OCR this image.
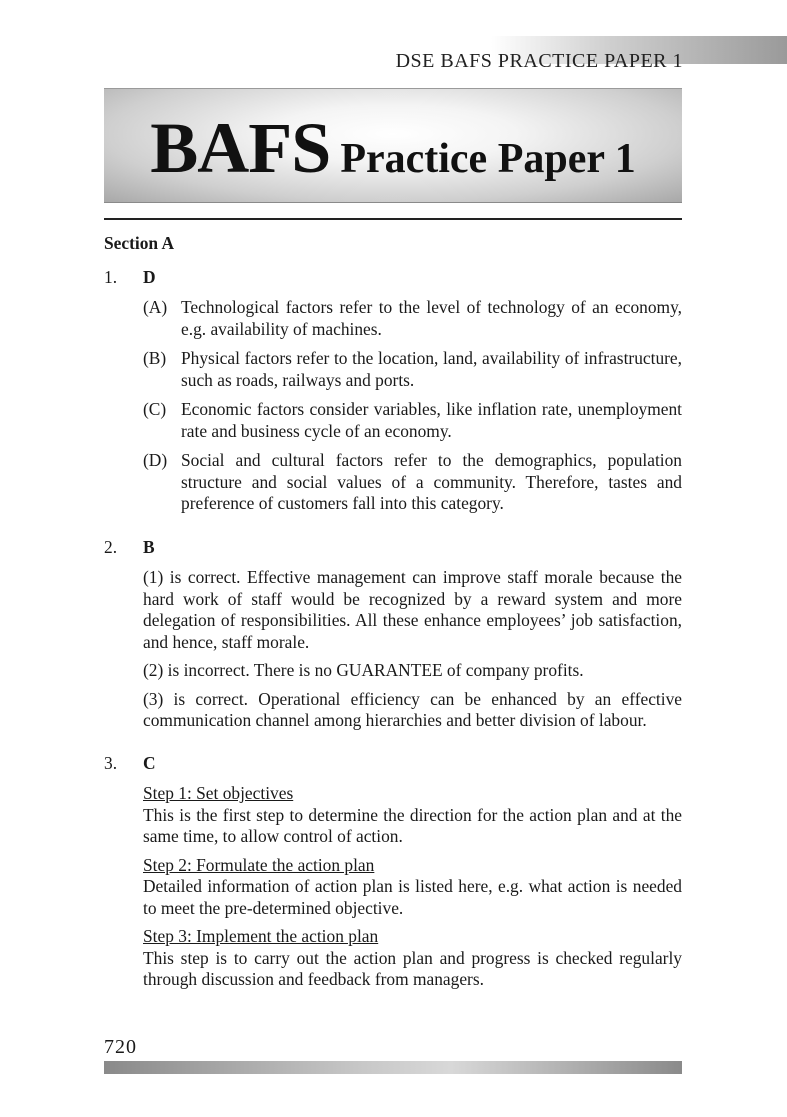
DSE BAFS PRACTICE PAPER 1
BAFS Practice Paper 1
Section A
1. D
(A) Technological factors refer to the level of technology of an economy, e.g. availability of machines.
(B) Physical factors refer to the location, land, availability of infrastructure, such as roads, railways and ports.
(C) Economic factors consider variables, like inflation rate, unemployment rate and business cycle of an economy.
(D) Social and cultural factors refer to the demographics, population structure and social values of a community. Therefore, tastes and preference of customers fall into this category.
2. B
(1) is correct. Effective management can improve staff morale because the hard work of staff would be recognized by a reward system and more delegation of responsibilities. All these enhance employees’ job satisfaction, and hence, staff morale.
(2) is incorrect. There is no GUARANTEE of company profits.
(3) is correct. Operational efficiency can be enhanced by an effective communication channel among hierarchies and better division of labour.
3. C
Step 1: Set objectives
This is the first step to determine the direction for the action plan and at the same time, to allow control of action.
Step 2: Formulate the action plan
Detailed information of action plan is listed here, e.g. what action is needed to meet the pre-determined objective.
Step 3: Implement the action plan
This step is to carry out the action plan and progress is checked regularly through discussion and feedback from managers.
720
